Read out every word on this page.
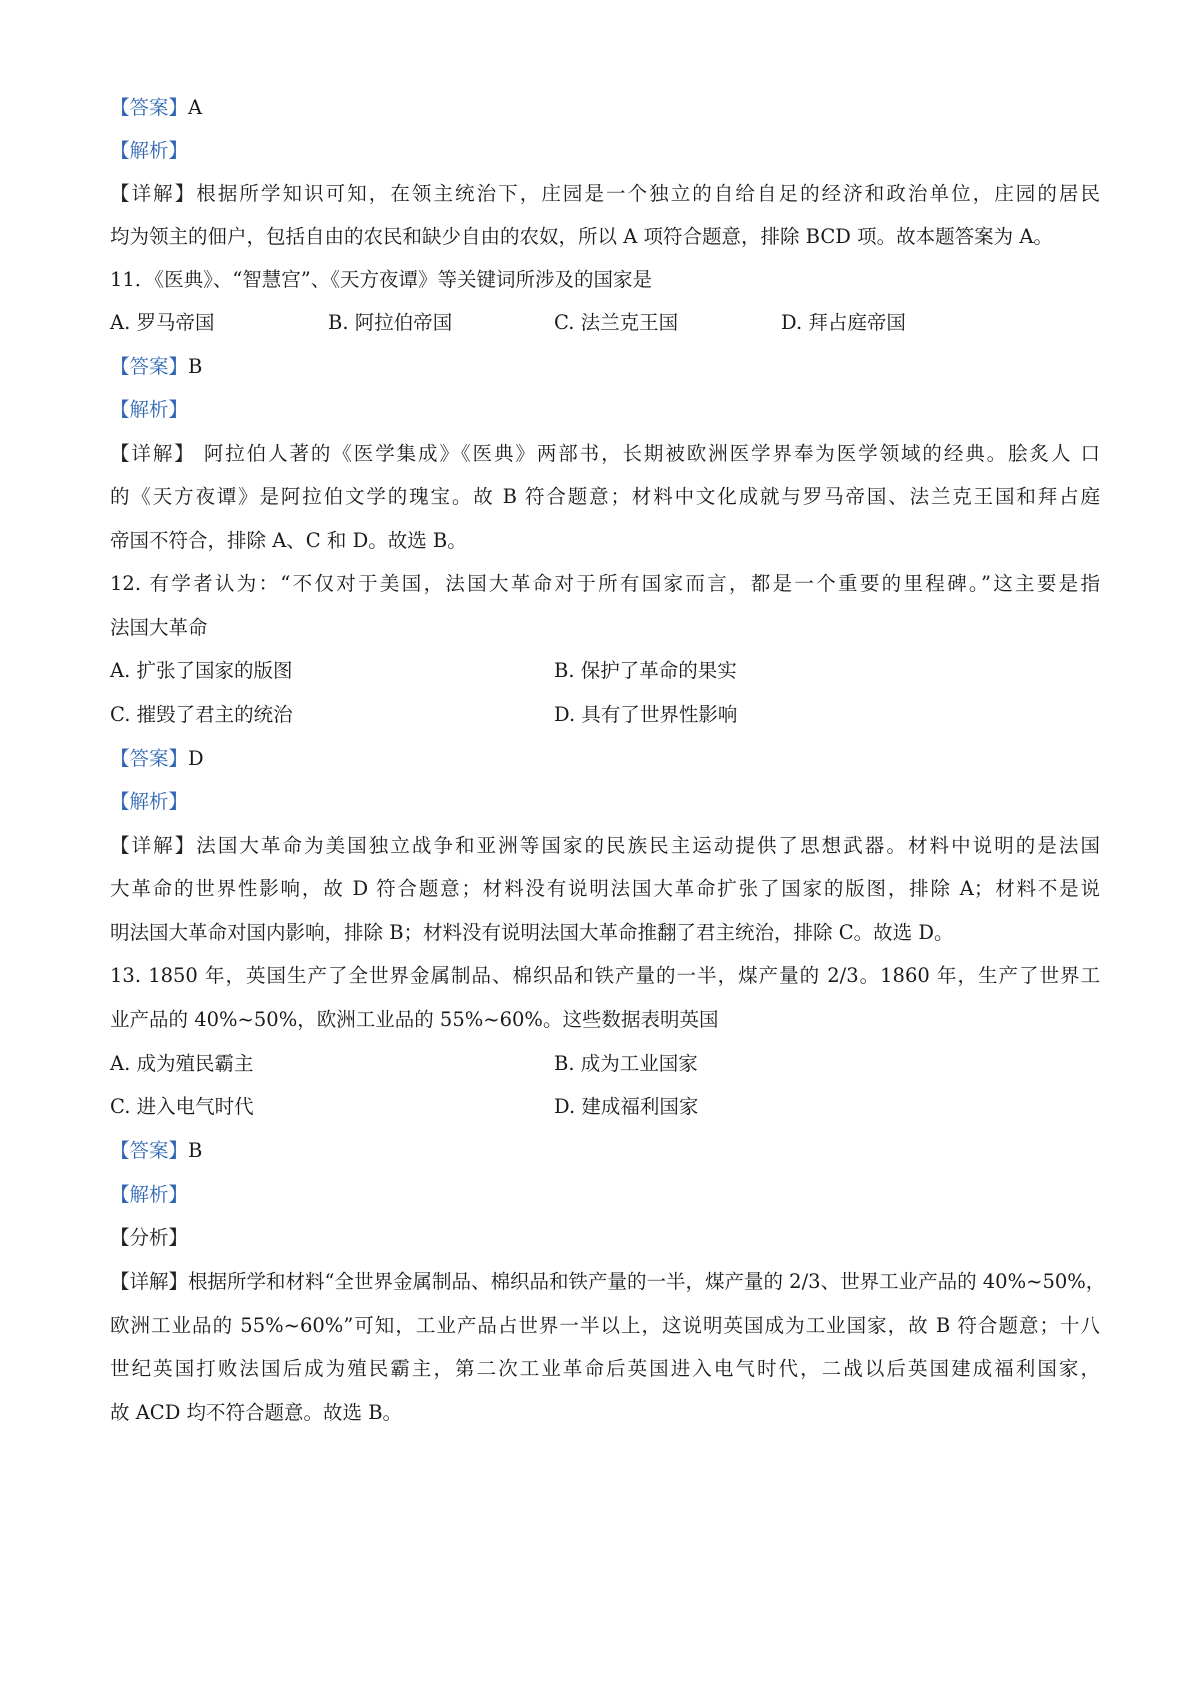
【答案】A
【解析】
【详解】根据所学知识可知，在领主统治下，庄园是一个独立的自给自足的经济和政治单位，庄园的居民
均为领主的佃户，包括自由的农民和缺少自由的农奴，所以 A 项符合题意，排除 BCD 项。故本题答案为 A。
11．《医典》、“智慧宫”、《天方夜谭》等关键词所涉及的国家是
A. 罗马帝国	B. 阿拉伯帝国	C. 法兰克王国	D. 拜占庭帝国
【答案】B
【解析】
【详解】 阿拉伯人著的《医学集成》《医典》两部书，长期被欧洲医学界奉为医学领域的经典。脍炙人 口
的《天方夜谭》是阿拉伯文学的瑰宝。故 B 符合题意；材料中文化成就与罗马帝国、法兰克王国和拜占庭
帝国不符合，排除 A、C 和 D。故选 B。
12. 有学者认为：“不仅对于美国，法国大革命对于所有国家而言，都是一个重要的里程碑。”这主要是指
法国大革命
A. 扩张了国家的版图	B. 保护了革命的果实
C. 摧毁了君主的统治	D. 具有了世界性影响
【答案】D
【解析】
【详解】法国大革命为美国独立战争和亚洲等国家的民族民主运动提供了思想武器。材料中说明的是法国
大革命的世界性影响，故 D 符合题意；材料没有说明法国大革命扩张了国家的版图，排除 A；材料不是说
明法国大革命对国内影响，排除 B；材料没有说明法国大革命推翻了君主统治，排除 C。故选 D。
13. 1850 年，英国生产了全世界金属制品、棉织品和铁产量的一半，煤产量的 2/3。1860 年，生产了世界工
业产品的 40%~50%，欧洲工业品的 55%~60%。这些数据表明英国
A. 成为殖民霸主	B. 成为工业国家
C. 进入电气时代	D. 建成福利国家
【答案】B
【解析】
【分析】
【详解】根据所学和材料“全世界金属制品、棉织品和铁产量的一半，煤产量的 2/3、世界工业产品的 40%~50%，
欧洲工业品的 55%~60%”可知，工业产品占世界一半以上，这说明英国成为工业国家，故 B 符合题意；十八
世纪英国打败法国后成为殖民霸主，第二次工业革命后英国进入电气时代，二战以后英国建成福利国家，
故 ACD 均不符合题意。故选 B。
